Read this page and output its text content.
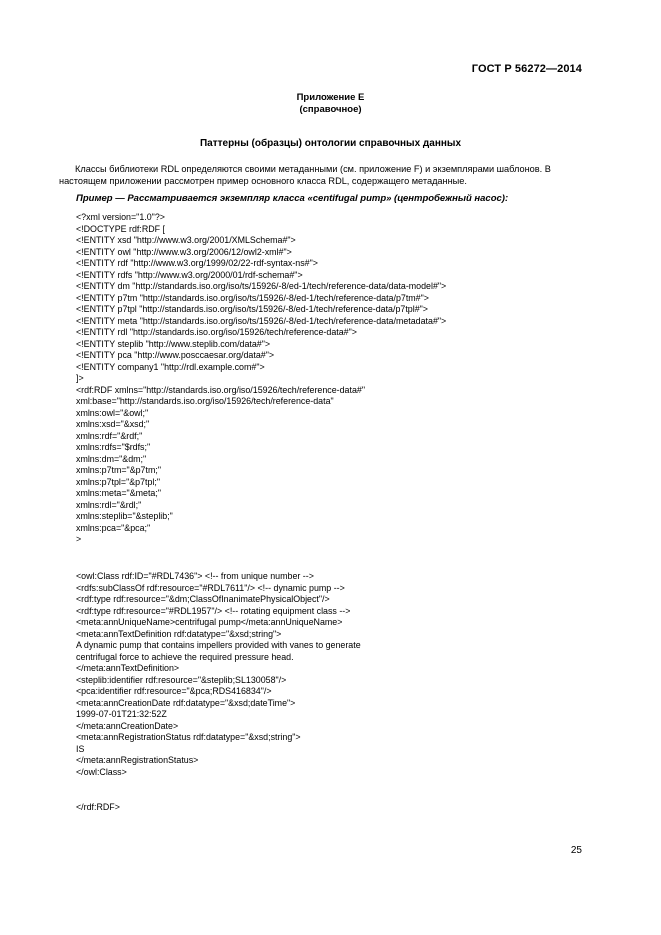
ГОСТ Р 56272—2014
Приложение Е
(справочное)
Паттерны (образцы) онтологии справочных данных
Классы библиотеки RDL определяются своими метаданными (см. приложение F) и экземплярами шаблонов. В настоящем приложении рассмотрен пример основного класса RDL, содержащего метаданные.
Пример — Рассматривается экземпляр класса «centifugal pump» (центробежный насос):
<?xml version="1.0"?>
<!DOCTYPE rdf:RDF [
<!ENTITY xsd "http://www.w3.org/2001/XMLSchema#">
<!ENTITY owl "http://www.w3.org/2006/12/owl2-xml#">
<!ENTITY rdf "http://www.w3.org/1999/02/22-rdf-syntax-ns#">
<!ENTITY rdfs "http://www.w3.org/2000/01/rdf-schema#">
<!ENTITY dm "http://standards.iso.org/iso/ts/15926/-8/ed-1/tech/reference-data/data-model#">
<!ENTITY p7tm "http://standards.iso.org/iso/ts/15926/-8/ed-1/tech/reference-data/p7tm#">
<!ENTITY p7tpl "http://standards.iso.org/iso/ts/15926/-8/ed-1/tech/reference-data/p7tpl#">
<!ENTITY meta "http://standards.iso.org/iso/ts/15926/-8/ed-1/tech/reference-data/metadata#">
<!ENTITY rdl "http://standards.iso.org/iso/15926/tech/reference-data#">
<!ENTITY steplib "http://www.steplib.com/data#">
<!ENTITY pca "http://www.posccaesar.org/data#">
<!ENTITY company1 "http://rdl.example.com#">
]>
<rdf:RDF xmlns="http://standards.iso.org/iso/15926/tech/reference-data#"
xml:base="http://standards.iso.org/iso/15926/tech/reference-data"
xmlns:owl="&owl;"
xmlns:xsd="&xsd;"
xmlns:rdf="&rdf;"
xmlns:rdfs="$rdfs;"
xmlns:dm="&dm;"
xmlns:p7tm="&p7tm;"
xmlns:p7tpl="&p7tpl;"
xmlns:meta="&meta;"
xmlns:rdl="&rdl;"
xmlns:steplib="&steplib;"
xmlns:pca="&pca;"
>
<owl:Class rdf:ID="#RDL7436"> <!-- from unique number -->
<rdfs:subClassOf rdf:resource="#RDL7611"/> <!-- dynamic pump -->
<rdf:type rdf:resource="&dm;ClassOfInanimatePhysicalObject"/>
<rdf:type rdf:resource="#RDL1957"/> <!-- rotating equipment class -->
<meta:annUniqueName>centrifugal pump</meta:annUniqueName>
<meta:annTextDefinition rdf:datatype="&xsd;string">
A dynamic pump that contains impellers provided with vanes to generate
centrifugal force to achieve the required pressure head.
</meta:annTextDefinition>
<steplib:identifier rdf:resource="&steplib;SL130058"/>
<pca:identifier rdf:resource="&pca;RDS416834"/>
<meta:annCreationDate rdf:datatype="&xsd;dateTime">
1999-07-01T21:32:52Z
</meta:annCreationDate>
<meta:annRegistrationStatus rdf:datatype="&xsd;string">
IS
</meta:annRegistrationStatus>
</owl:Class>
</rdf:RDF>
25
